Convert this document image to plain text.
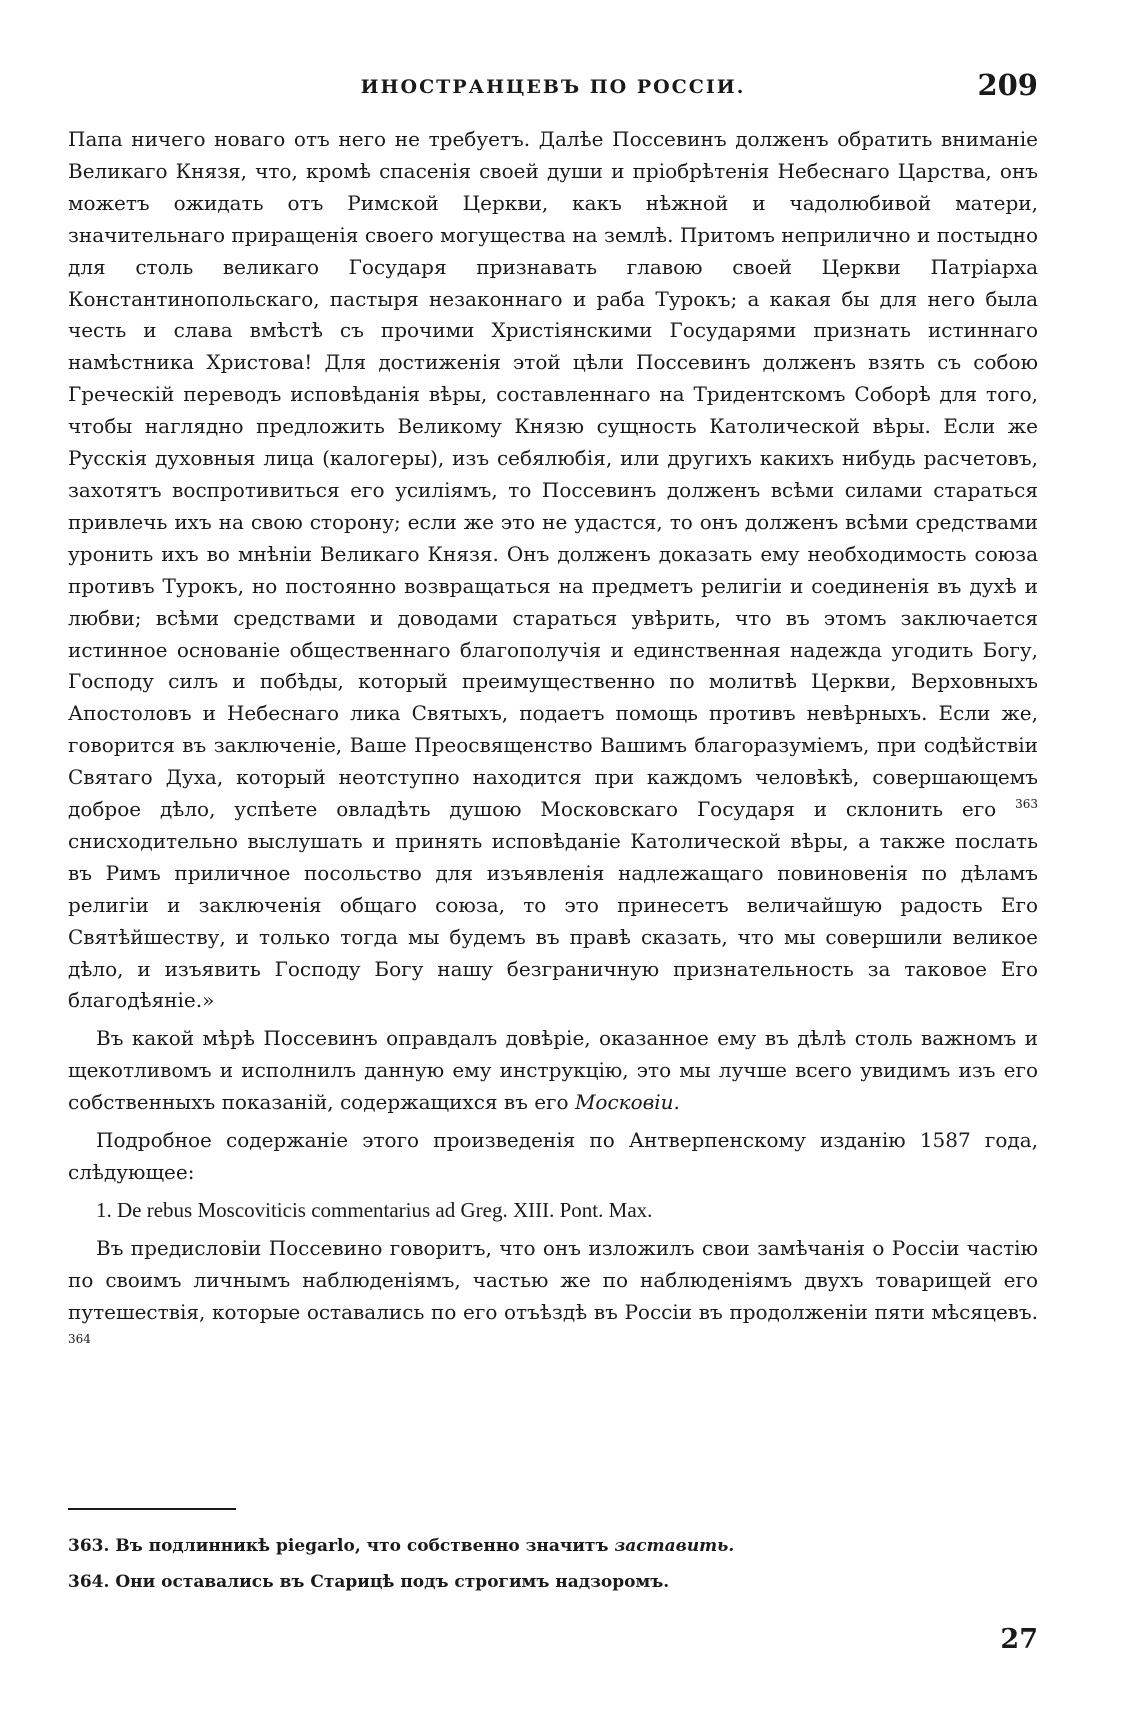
ИНОСТРАНЦЕВЪ ПО РОССІИ.	209

Папа ничего новаго отъ него не требуетъ. Далѣе Поссевинъ долженъ обратить вниманіе Великаго Князя, что, кромѣ спасенія своей души и пріобрѣтенія Небеснаго Царства, онъ можетъ ожидать отъ Римской Церкви, какъ нѣжной и чадолюбивой матери, значительнаго приращенія своего могущества на землѣ. Притомъ неприлично и постыдно для столь великаго Государя признавать главою своей Церкви Патріарха Константинопольскаго, пастыря незаконнаго и раба Турокъ; а какая бы для него была честь и слава вмѣстѣ съ прочими Христіянскими Государями признать истиннаго намѣстника Христова! Для достиженія этой цѣли Поссевинъ долженъ взять съ собою Греческій переводъ исповѣданія вѣры, составленнаго на Тридентскомъ Соборѣ для того, чтобы наглядно предложить Великому Князю сущность Католической вѣры. Если же Русскія духовныя лица (калогеры), изъ себялюбія, или другихъ какихъ нибудь расчетовъ, захотятъ воспротивиться его усиліямъ, то Поссевинъ долженъ всѣми силами стараться привлечь ихъ на свою сторону; если же это не удастся, то онъ долженъ всѣми средствами уронить ихъ во мнѣніи Великаго Князя. Онъ долженъ доказать ему необходимость союза противъ Турокъ, но постоянно возвращаться на предметъ религіи и соединенія въ духѣ и любви; всѣми средствами и доводами стараться увѣрить, что въ этомъ заключается истинное основаніе общественнаго благополучія и единственная надежда угодить Богу, Господу силъ и побѣды, который преимущественно по молитвѣ Церкви, Верховныхъ Апостоловъ и Небеснаго лика Святыхъ, подаетъ помощь противъ невѣрныхъ. Если же, говорится въ заключеніе, Ваше Преосвященство Вашимъ благоразуміемъ, при содѣйствіи Святаго Духа, который неотступно находится при каждомъ человѣкѣ, совершающемъ доброе дѣло, успѣете овладѣть душою Московскаго Государя и склонить его $^{363}$ снисходительно выслушать и принять исповѣданіе Католической вѣры, а также послать въ Римъ приличное посольство для изъявленія надлежащаго повиновенія по дѣламъ религіи и заключенія общаго союза, то это принесетъ величайшую радость Его Святѣйшеству, и только тогда мы будемъ въ правѣ сказать, что мы совершили великое дѣло, и изъявить Господу Богу нашу безграничную признательность за таковое Его благодѣяніе.»

Въ какой мѣрѣ Поссевинъ оправдалъ довѣріе, оказанное ему въ дѣлѣ столь важномъ и щекотливомъ и исполнилъ данную ему инструкцію, это мы лучше всего увидимъ изъ его собственныхъ показаній, содержащихся въ его Московіи.

Подробное содержаніе этого произведенія по Антверпенскому изданію 1587 года, слѣдующее:

1. De rebus Moscoviticis commentarius ad Greg. XIII. Pont. Max.

Въ предисловіи Поссевино говоритъ, что онъ изложилъ свои замѣчанія о Россіи частію по своимъ личнымъ наблюденіямъ, частью же по наблюденіямъ двухъ товарищей его путешествія, которые оставались по его отъѣздѣ въ Россіи въ продолженіи пяти мѣсяцевъ. $^{364}$

363. Въ подлинникѣ piegarlo, что собственно значитъ заставить.

364. Они оставались въ Старицѣ подъ строгимъ надзоромъ.

27
